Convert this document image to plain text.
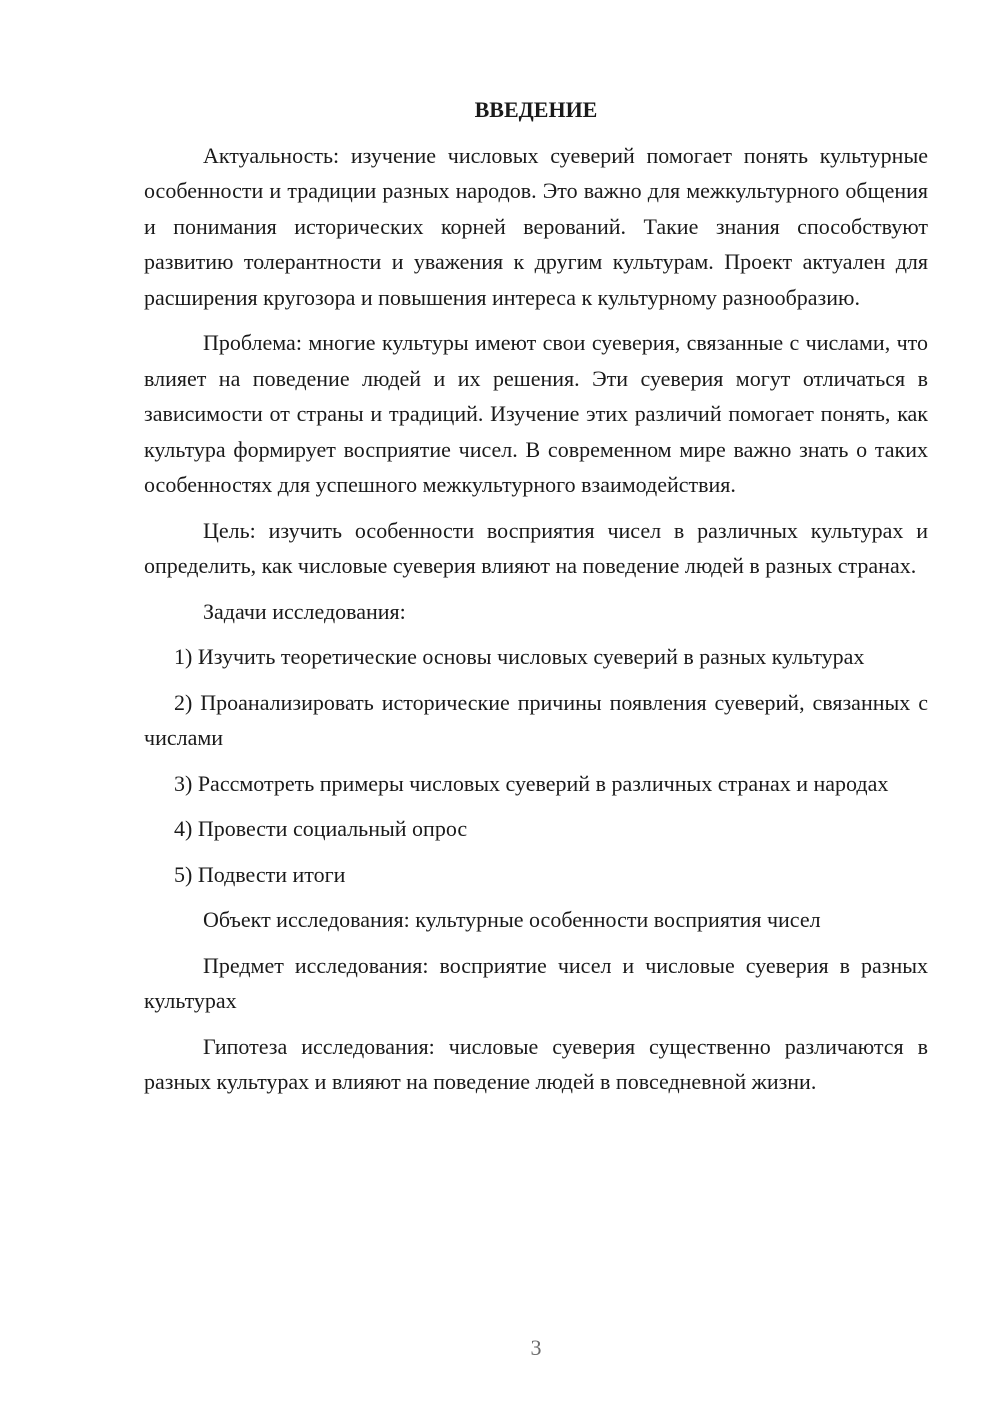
ВВЕДЕНИЕ

Актуальность: изучение числовых суеверий помогает понять культурные особенности и традиции разных народов. Это важно для межкультурного общения и понимания исторических корней верований. Такие знания способствуют развитию толерантности и уважения к другим культурам. Проект актуален для расширения кругозора и повышения интереса к культурному разнообразию.

Проблема: многие культуры имеют свои суеверия, связанные с числами, что влияет на поведение людей и их решения. Эти суеверия могут отличаться в зависимости от страны и традиций. Изучение этих различий помогает понять, как культура формирует восприятие чисел. В современном мире важно знать о таких особенностях для успешного межкультурного взаимодействия.

Цель: изучить особенности восприятия чисел в различных культурах и определить, как числовые суеверия влияют на поведение людей в разных странах.

Задачи исследования:

1) Изучить теоретические основы числовых суеверий в разных культурах

2) Проанализировать исторические причины появления суеверий, связанных с числами

3) Рассмотреть примеры числовых суеверий в различных странах и народах

4) Провести социальный опрос

5) Подвести итоги

Объект исследования: культурные особенности восприятия чисел

Предмет исследования: восприятие чисел и числовые суеверия в разных культурах

Гипотеза исследования: числовые суеверия существенно различаются в разных культурах и влияют на поведение людей в повседневной жизни.

3
